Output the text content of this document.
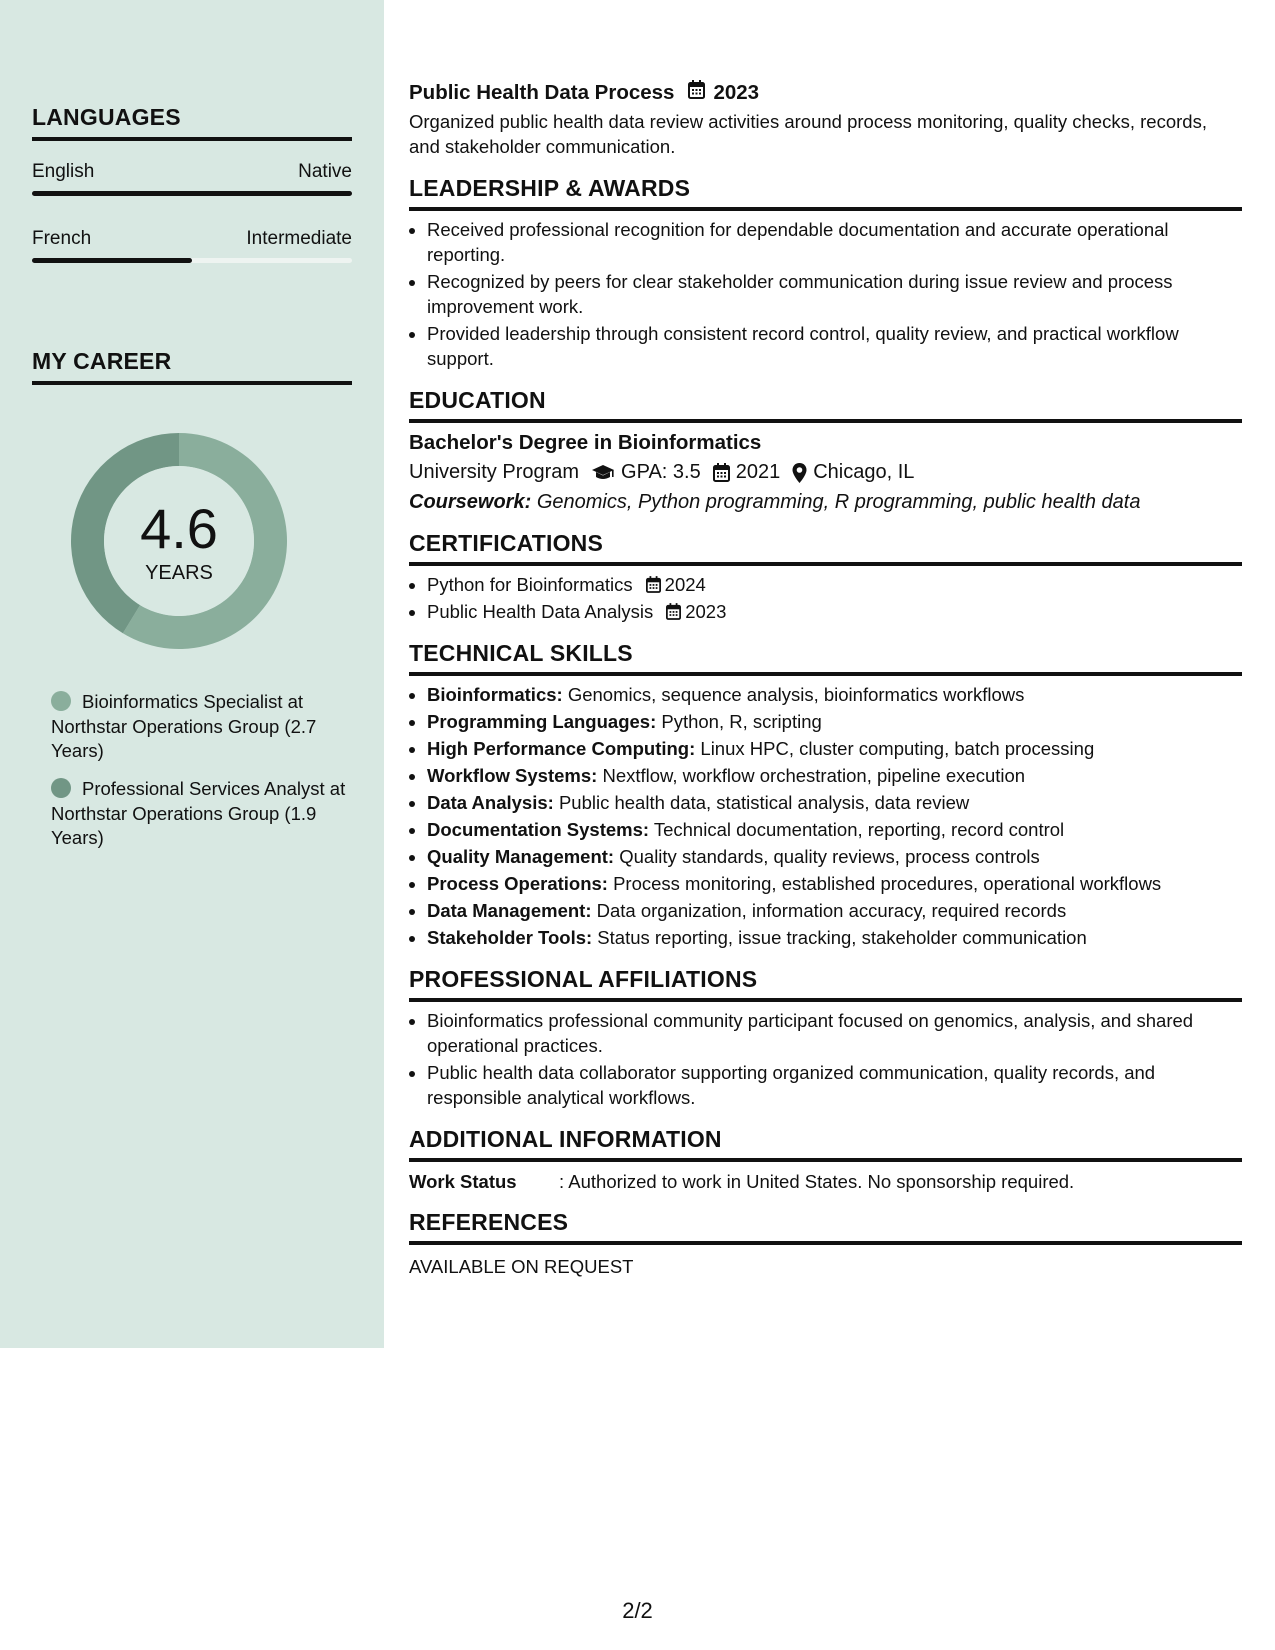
LANGUAGES
English	Native
French	Intermediate
MY CAREER
4.6
YEARS
Bioinformatics Specialist at Northstar Operations Group (2.7 Years)
Professional Services Analyst at Northstar Operations Group (1.9 Years)
Public Health Data Process 2023

Organized public health data review activities around process monitoring, quality checks, records, and stakeholder communication.

LEADERSHIP & AWARDS
• Received professional recognition for dependable documentation and accurate operational reporting.
• Recognized by peers for clear stakeholder communication during issue review and process improvement work.
• Provided leadership through consistent record control, quality review, and practical workflow support.
EDUCATION
Bachelor's Degree in Bioinformatics
University Program GPA: 3.5 2021 Chicago, IL
Coursework: Genomics, Python programming, R programming, public health data
CERTIFICATIONS
• Python for Bioinformatics 2024
• Public Health Data Analysis 2023
TECHNICAL SKILLS
• Bioinformatics: Genomics, sequence analysis, bioinformatics workflows
• Programming Languages: Python, R, scripting
• High Performance Computing: Linux HPC, cluster computing, batch processing
• Workflow Systems: Nextflow, workflow orchestration, pipeline execution
• Data Analysis: Public health data, statistical analysis, data review
• Documentation Systems: Technical documentation, reporting, record control
• Quality Management: Quality standards, quality reviews, process controls
• Process Operations: Process monitoring, established procedures, operational workflows
• Data Management: Data organization, information accuracy, required records
• Stakeholder Tools: Status reporting, issue tracking, stakeholder communication
PROFESSIONAL AFFILIATIONS
• Bioinformatics professional community participant focused on genomics, analysis, and shared operational practices.
• Public health data collaborator supporting organized communication, quality records, and responsible analytical workflows.
ADDITIONAL INFORMATION
Work Status	: Authorized to work in United States. No sponsorship required.
REFERENCES
AVAILABLE ON REQUEST
2/2
